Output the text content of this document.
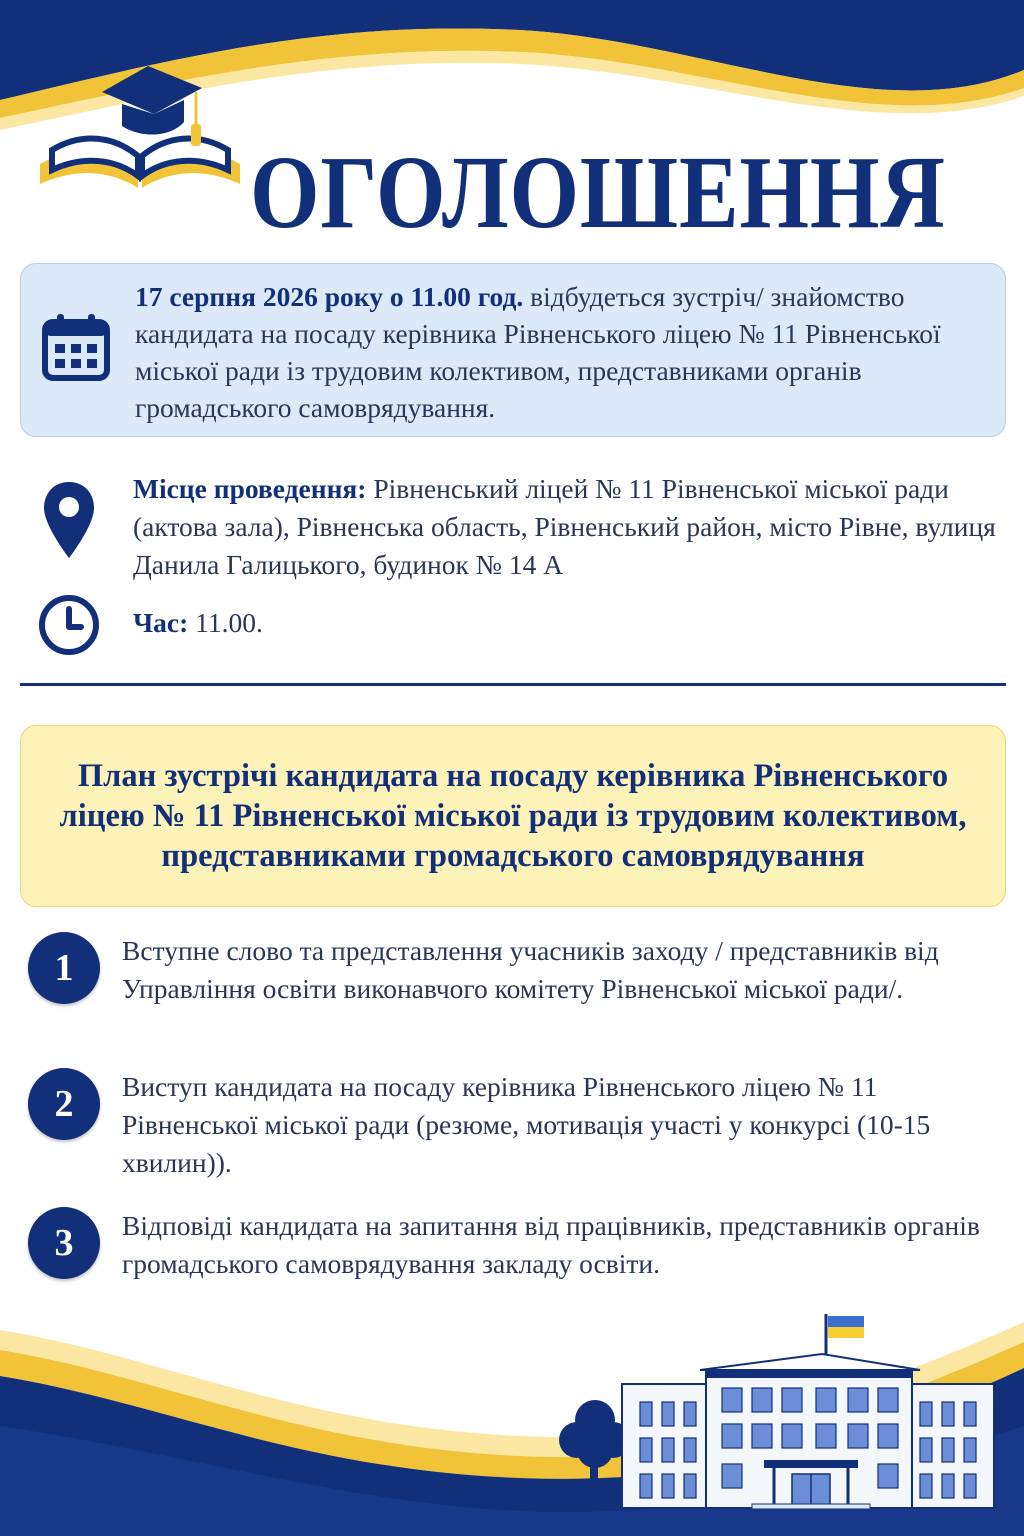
ОГОЛОШЕННЯ
17 серпня 2026 року о 11.00 год. відбудеться зустріч/ знайомство кандидата на посаду керівника Рівненського ліцею № 11 Рівненської міської ради із трудовим колективом, представниками органів громадського самоврядування.
Місце проведення: Рівненський ліцей № 11 Рівненської міської ради (актова зала), Рівненська область, Рівненський район, місто Рівне, вулиця Данила Галицького, будинок № 14 А
Час: 11.00.
План зустрічі кандидата на посаду керівника Рівненського ліцею № 11 Рівненської міської ради із трудовим колективом, представниками громадського самоврядування
1	Вступне слово та представлення учасників заходу / представників від Управління освіти виконавчого комітету Рівненської міської ради/.
2	Виступ кандидата на посаду керівника Рівненського ліцею № 11 Рівненської міської ради (резюме, мотивація участі у конкурсі (10-15 хвилин)).
3	Відповіді кандидата на запитання від працівників, представників органів громадського самоврядування закладу освіти.
